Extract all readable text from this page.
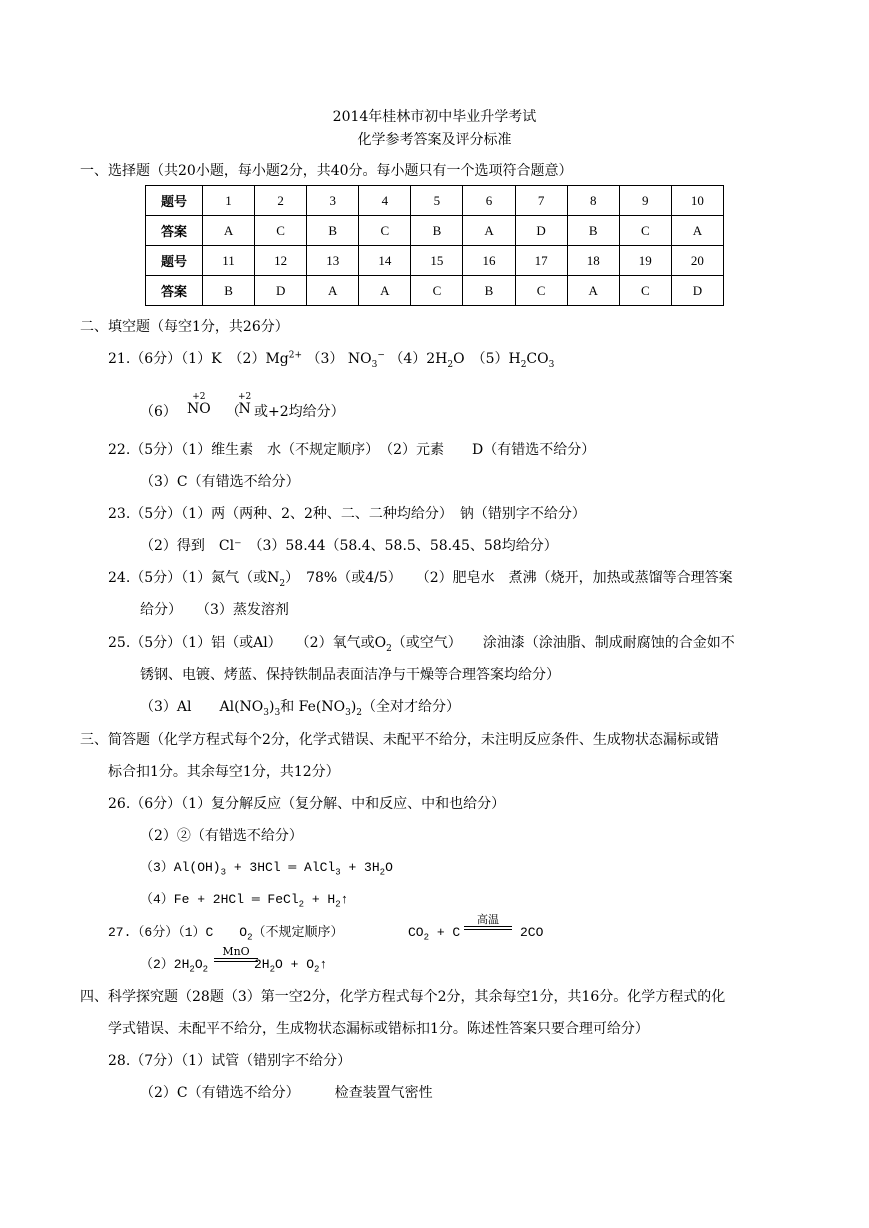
2014年桂林市初中毕业升学考试
化学参考答案及评分标准
一、选择题（共20小题，每小题2分，共40分。每小题只有一个选项符合题意）
题号	1	2	3	4	5	6	7	8	9	10
答案	A	C	B	C	B	A	D	B	C	A
题号	11	12	13	14	15	16	17	18	19	20
答案	B	D	A	A	C	B	C	A	C	D
二、填空题（每空1分，共26分）
21.（6分）（1）K　$(2)Mg^{2+}$ （3） $NO_3^-$ $(4)2H_2O$　$(5)H_2CO_3$
（6）
+2
NO （
+2
N 或+2均给分）
22.（5分）（1）维生素　水（不规定顺序）　（2）元素　　D（有错选不给分）
（3）C（有错选不给分）
23.（5分）（1）两（两种、2、2种、二、二种均给分）　钠（错别字不给分）
（2）得到　Cl⁻　（3）58.44（58.4、58.5、58.45、58均给分）
24.（5分）（1）氮气（或$N_2$）　78%（或4/5）　　（2）肥皂水　煮沸（烧开，加热或蒸馏等合理答案
给分）　　（3）蒸发溶剂
25.（5分）（1）铝（或Al）　　（2）氧气或$O_2$（或空气）　　涂油漆（涂油脂、制成耐腐蚀的合金如不
锈钢、电镀、烤蓝、保持铁制品表面洁净与干燥等合理答案均给分）
（3）Al　　$Al(NO_3)_3$和 $Fe(NO_3)_2$（全对才给分）
三、简答题（化学方程式每个2分，化学式错误、未配平不给分，未注明反应条件、生成物状态漏标或错
标合扣1分。其余每空1分，共12分）
26.（6分）（1）复分解反应（复分解、中和反应、中和也给分）
（2）②（有错选不给分）
$(3)Al(OH)_3 + 3HCl$ ═ AlCl$_3$ + $3H_2O$
（4）Fe + 2HCl ═ FeCl$_2$ + $H_2↑$
27.（6分）（1）C　　$O_2$（不规定顺序）	$CO_2 + C$
高温
2CO
$(2)2H_2O_2$
MnO
$2H_2O$ + $O_2↑$
四、科学探究题（28题（3）第一空2分，化学方程式每个2分，其余每空1分，共16分。化学方程式的化
学式错误、未配平不给分，生成物状态漏标或错标扣1分。陈述性答案只要合理可给分）
28.（7分）（1）试管（错别字不给分）
（2）C（有错选不给分）　　　检查装置气密性
